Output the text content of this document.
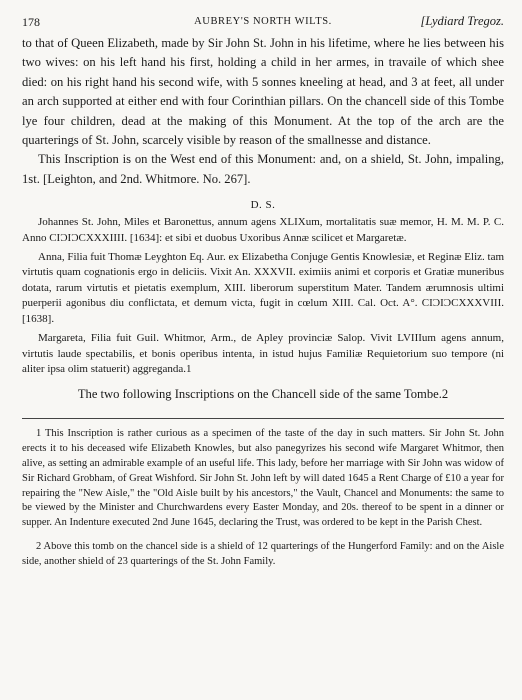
178	AUBREY'S NORTH WILTS.	[Lydiard Tregoz.

to that of Queen Elizabeth, made by Sir John St. John in his lifetime, where he lies between his two wives: on his left hand his first, holding a child in her armes, in travaile of which shee died: on his right hand his second wife, with 5 sonnes kneeling at head, and 3 at feet, all under an arch supported at either end with four Corinthian pillars. On the chancell side of this Tombe lye four children, dead at the making of this Monument. At the top of the arch are the quarterings of St. John, scarcely visible by reason of the smallnesse and distance.

This Inscription is on the West end of this Monument: and, on a shield, St. John, impaling, 1st. [Leighton, and 2nd. Whitmore. No. 267].

D. S.

Johannes St. John, Miles et Baronettus, annum agens XLIXum, mortalitatis suæ memor, H. M. M. P. C. Anno CIƆIƆCXXXIIII. [1634]: et sibi et duobus Uxoribus Annæ scilicet et Margaretæ.

Anna, Filia fuit Thomæ Leyghton Eq. Aur. ex Elizabetha Conjuge Gentis Knowlesiæ, et Reginæ Eliz. tam virtutis quam cognationis ergo in deliciis. Vixit An. XXXVII. eximiis animi et corporis et Gratiæ muneribus dotata, rarum virtutis et pietatis exemplum, XIII. liberorum superstitum Mater. Tandem ærumnosis ultimi puerperii agonibus diu conflictata, et demum victa, fugit in cœlum XIII. Cal. Oct. A°. CIƆIƆCXXXVIII. [1638].

Margareta, Filia fuit Guil. Whitmor, Arm., de Apley provinciæ Salop. Vivit LVIIIum agens annum, virtutis laude spectabilis, et bonis operibus intenta, in istud hujus Familiæ Requietorium suo tempore (ni aliter ipsa olim statuerit) aggreganda.1

The two following Inscriptions on the Chancell side of the same Tombe.2

1 This Inscription is rather curious as a specimen of the taste of the day in such matters. Sir John St. John erects it to his deceased wife Elizabeth Knowles, but also panegyrizes his second wife Margaret Whitmor, then alive, as setting an admirable example of an useful life. This lady, before her marriage with Sir John was widow of Sir Richard Grobham, of Great Wishford. Sir John St. John left by will dated 1645 a Rent Charge of £10 a year for repairing the "New Aisle," the "Old Aisle built by his ancestors," the Vault, Chancel and Monuments: the same to be viewed by the Minister and Churchwardens every Easter Monday, and 20s. thereof to be spent in a dinner or supper. An Indenture executed 2nd June 1645, declaring the Trust, was ordered to be kept in the Parish Chest.

2 Above this tomb on the chancel side is a shield of 12 quarterings of the Hungerford Family: and on the Aisle side, another shield of 23 quarterings of the St. John Family.
